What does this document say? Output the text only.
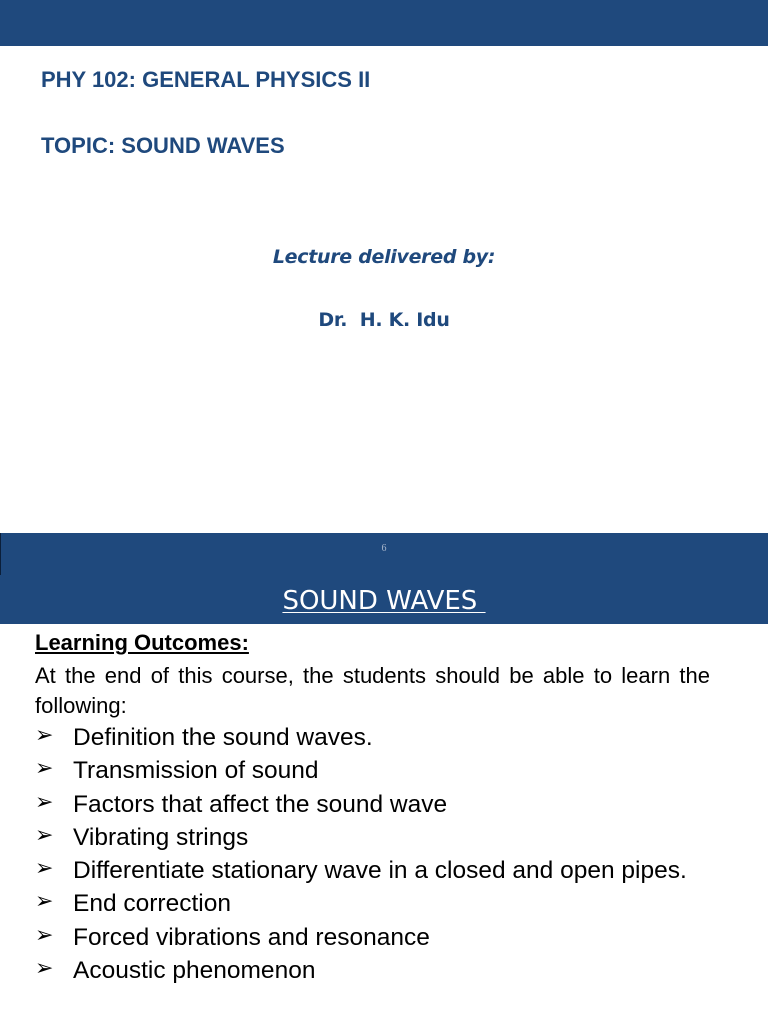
PHY 102: GENERAL PHYSICS II
TOPIC: SOUND WAVES
Lecture delivered by:
Dr.  H. K. Idu
6
SOUND WAVES
Learning Outcomes:
At the end of this course, the students should be able to learn the following:
➢ Definition the sound waves.
➢ Transmission of sound
➢ Factors that affect the sound wave
➢ Vibrating strings
➢ Differentiate stationary wave in a closed and open pipes.
➢ End correction
➢ Forced vibrations and resonance
➢ Acoustic phenomenon
